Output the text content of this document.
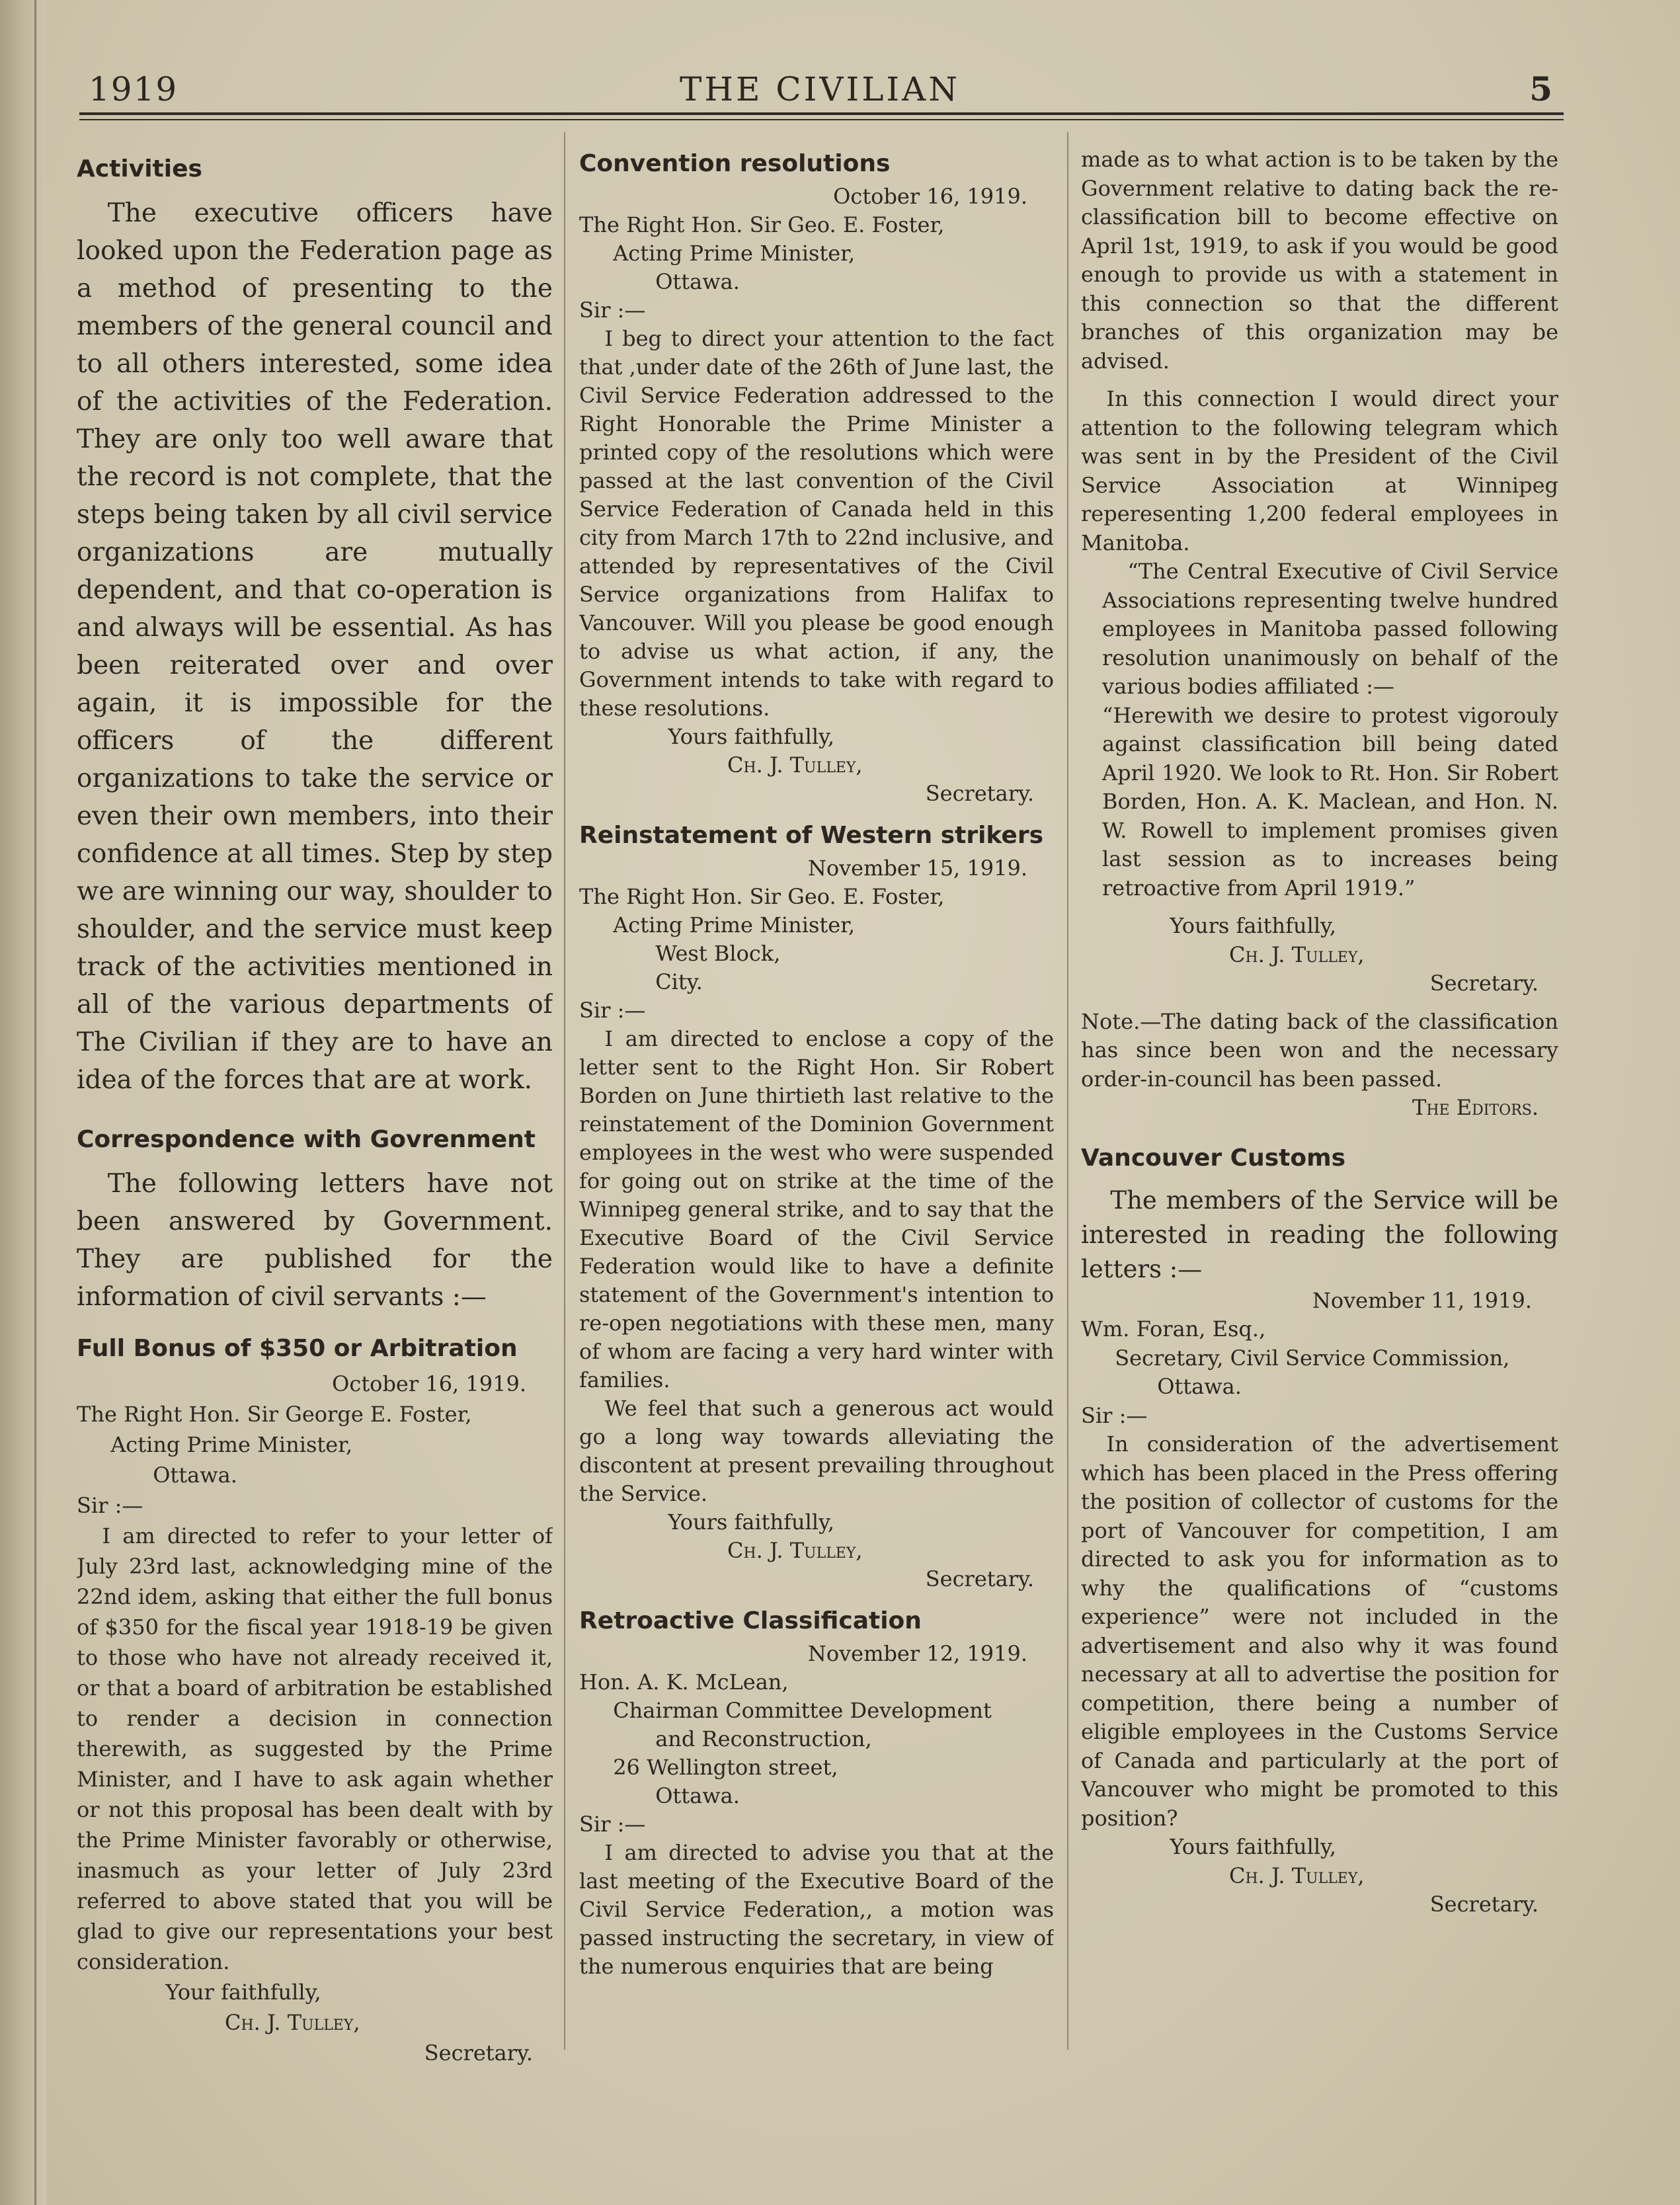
1919	THE CIVILIAN	5
Activities

The executive officers have looked upon the Federation page as a method of presenting to the members of the general council and to all others interested, some idea of the activities of the Federation. They are only too well aware that the record is not complete, that the steps being taken by all civil service organizations are mutually dependent, and that co-operation is and always will be essential. As has been reiterated over and over again, it is impossible for the officers of the different organizations to take the service or even their own members, into their confidence at all times. Step by step we are winning our way, shoulder to shoulder, and the service must keep track of the activities mentioned in all of the various departments of The Civilian if they are to have an idea of the forces that are at work.

Correspondence with Govrenment

The following letters have not been answered by Government. They are published for the information of civil servants :—

Full Bonus of $350 or Arbitration

October 16, 1919.

The Right Hon. Sir George E. Foster,

Acting Prime Minister,

Ottawa.

Sir :—

I am directed to refer to your letter of July 23rd last, acknowledging mine of the 22nd idem, asking that either the full bonus of $350 for the fiscal year 1918-19 be given to those who have not already received it, or that a board of arbitration be established to render a decision in connection therewith, as suggested by the Prime Minister, and I have to ask again whether or not this proposal has been dealt with by the Prime Minister favorably or otherwise, inasmuch as your letter of July 23rd referred to above stated that you will be glad to give our representations your best consideration.

Your faithfully,

Ch. J. Tulley,

Secretary.

Convention resolutions

October 16, 1919.

The Right Hon. Sir Geo. E. Foster,

Acting Prime Minister,

Ottawa.

Sir :—

I beg to direct your attention to the fact that ,under date of the 26th of June last, the Civil Service Federation addressed to the Right Honorable the Prime Minister a printed copy of the resolutions which were passed at the last convention of the Civil Service Federation of Canada held in this city from March 17th to 22nd inclusive, and attended by representatives of the Civil Service organizations from Halifax to Vancouver. Will you please be good enough to advise us what action, if any, the Government intends to take with regard to these resolutions.

Yours faithfully,

Ch. J. Tulley,

Secretary.

Reinstatement of Western strikers

November 15, 1919.

The Right Hon. Sir Geo. E. Foster,

Acting Prime Minister,

West Block,

City.

Sir :—

I am directed to enclose a copy of the letter sent to the Right Hon. Sir Robert Borden on June thirtieth last relative to the reinstatement of the Dominion Government employees in the west who were suspended for going out on strike at the time of the Winnipeg general strike, and to say that the Executive Board of the Civil Service Federation would like to have a definite statement of the Government's intention to re-open negotiations with these men, many of whom are facing a very hard winter with families.

We feel that such a generous act would go a long way towards alleviating the discontent at present prevailing throughout the Service.

Yours faithfully,

Ch. J. Tulley,

Secretary.

Retroactive Classification

November 12, 1919.

Hon. A. K. McLean,

Chairman Committee Development

and Reconstruction,

26 Wellington street,

Ottawa.

Sir :—

I am directed to advise you that at the last meeting of the Executive Board of the Civil Service Federation,, a motion was passed instructing the secretary, in view of the numerous enquiries that are being

made as to what action is to be taken by the Government relative to dating back the re-classification bill to become effective on April 1st, 1919, to ask if you would be good enough to provide us with a statement in this connection so that the different branches of this organization may be advised.

In this connection I would direct your attention to the following telegram which was sent in by the President of the Civil Service Association at Winnipeg reperesenting 1,200 federal employees in Manitoba.

“The Central Executive of Civil Service Associations representing twelve hundred employees in Manitoba passed following resolution unanimously on behalf of the various bodies affiliated :—

“Herewith we desire to protest vigorouly against classification bill being dated April 1920. We look to Rt. Hon. Sir Robert Borden, Hon. A. K. Maclean, and Hon. N. W. Rowell to implement promises given last session as to increases being retroactive from April 1919.”

Yours faithfully,

Ch. J. Tulley,

Secretary.

Note.—The dating back of the classification has since been won and the necessary order-in-council has been passed.

The Editors.

Vancouver Customs

The members of the Service will be interested in reading the following letters :—

November 11, 1919.

Wm. Foran, Esq.,

Secretary, Civil Service Commission,

Ottawa.

Sir :—

In consideration of the advertisement which has been placed in the Press offering the position of collector of customs for the port of Vancouver for competition, I am directed to ask you for information as to why the qualifications of “customs experience” were not included in the advertisement and also why it was found necessary at all to advertise the position for competition, there being a number of eligible employees in the Customs Service of Canada and particularly at the port of Vancouver who might be promoted to this position?

Yours faithfully,

Ch. J. Tulley,

Secretary.
